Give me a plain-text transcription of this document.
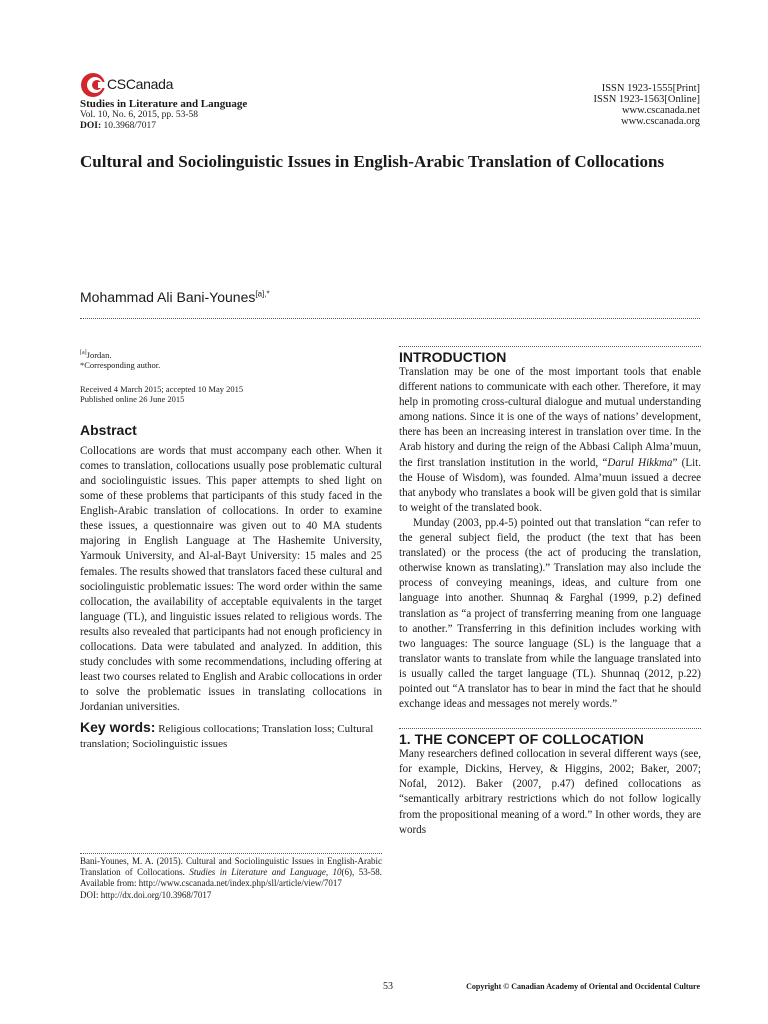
CSCanada
Studies in Literature and Language
Vol. 10, No. 6, 2015, pp. 53-58
DOI: 10.3968/7017
ISSN 1923-1555[Print]
ISSN 1923-1563[Online]
www.cscanada.net
www.cscanada.org
Cultural and Sociolinguistic Issues in English-Arabic Translation of Collocations
Mohammad Ali Bani-Younes$^{[a],*}$
[a]Jordan.
*Corresponding author.
Received 4 March 2015; accepted 10 May 2015
Published online 26 June 2015
Abstract
Collocations are words that must accompany each other. When it comes to translation, collocations usually pose problematic cultural and sociolinguistic issues. This paper attempts to shed light on some of these problems that participants of this study faced in the English-Arabic translation of collocations. In order to examine these issues, a questionnaire was given out to 40 MA students majoring in English Language at The Hashemite University, Yarmouk University, and Al-al-Bayt University: 15 males and 25 females. The results showed that translators faced these cultural and sociolinguistic problematic issues: The word order within the same collocation, the availability of acceptable equivalents in the target language (TL), and linguistic issues related to religious words. The results also revealed that participants had not enough proficiency in collocations. Data were tabulated and analyzed. In addition, this study concludes with some recommendations, including offering at least two courses related to English and Arabic collocations in order to solve the problematic issues in translating collocations in Jordanian universities.
Key words: Religious collocations; Translation loss; Cultural translation; Sociolinguistic issues
Bani-Younes, M. A. (2015). Cultural and Sociolinguistic Issues in English-Arabic Translation of Collocations. Studies in Literature and Language, 10(6), 53-58. Available from: http://www.cscanada.net/index.php/sll/article/view/7017
DOI: http://dx.doi.org/10.3968/7017
INTRODUCTION

Translation may be one of the most important tools that enable different nations to communicate with each other. Therefore, it may help in promoting cross-cultural dialogue and mutual understanding among nations. Since it is one of the ways of nations’ development, there has been an increasing interest in translation over time. In the Arab history and during the reign of the Abbasi Caliph Alma’muun, the first translation institution in the world, “Darul Hikkma” (Lit. the House of Wisdom), was founded. Alma’muun issued a decree that anybody who translates a book will be given gold that is similar to weight of the translated book.

Munday (2003, pp.4-5) pointed out that translation “can refer to the general subject field, the product (the text that has been translated) or the process (the act of producing the translation, otherwise known as translating).” Translation may also include the process of conveying meanings, ideas, and culture from one language into another. Shunnaq & Farghal (1999, p.2) defined translation as “a project of transferring meaning from one language to another.” Transferring in this definition includes working with two languages: The source language (SL) is the language that a translator wants to translate from while the language translated into is usually called the target language (TL). Shunnaq (2012, p.22) pointed out “A translator has to bear in mind the fact that he should exchange ideas and messages not merely words.”

1. THE CONCEPT OF COLLOCATION

Many researchers defined collocation in several different ways (see, for example, Dickins, Hervey, & Higgins, 2002; Baker, 2007; Nofal, 2012). Baker (2007, p.47) defined collocations as “semantically arbitrary restrictions which do not follow logically from the propositional meaning of a word.” In other words, they are words

53	Copyright © Canadian Academy of Oriental and Occidental Culture
